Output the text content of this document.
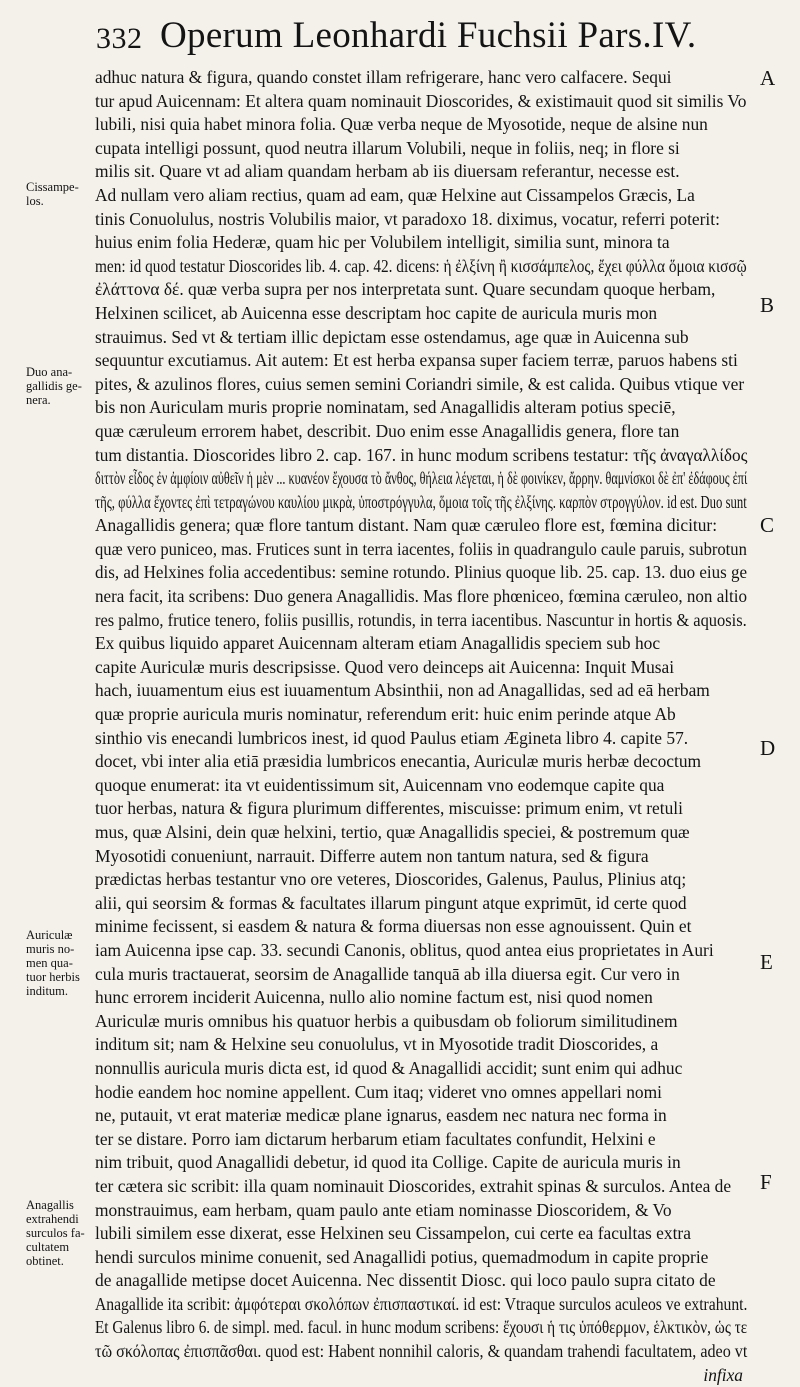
332 Operum Leonhardi Fuchsii Pars.IV.
adhuc natura & figura, quando constet illam refrigerare, hanc vero calfacere. Sequi
tur apud Auicennam: Et altera quam nominauit Dioscorides, & existimauit quod sit similis Vo
lubili, nisi quia habet minora folia. Quæ verba neque de Myosotide, neque de alsine nun
cupata intelligi possunt, quod neutra illarum Volubili, neque in foliis, neq; in flore si
milis sit. Quare vt ad aliam quandam herbam ab iis diuersam referantur, necesse est.
Ad nullam vero aliam rectius, quam ad eam, quæ Helxine aut Cissampelos Græcis, La
tinis Conuolulus, nostris Volubilis maior, vt paradoxo 18. diximus, vocatur, referri poterit:
huius enim folia Hederæ, quam hic per Volubilem intelligit, similia sunt, minora ta
men: id quod testatur Dioscorides lib. 4. cap. 42. dicens: ἡ ἐλξίνη ἢ κισσάμπελος, ἔχει φύλλα ὅμοια κισσῷ
ἐλάττονα δέ. quæ verba supra per nos interpretata sunt. Quare secundam quoque herbam,
Helxinen scilicet, ab Auicenna esse descriptam hoc capite de auricula muris mon
strauimus. Sed vt & tertiam illic depictam esse ostendamus, age quæ in Auicenna sub
sequuntur excutiamus. Ait autem: Et est herba expansa super faciem terræ, paruos habens sti
pites, & azulinos flores, cuius semen semini Coriandri simile, & est calida. Quibus vtique ver
bis non Auriculam muris proprie nominatam, sed Anagallidis alteram potius speciē,
quæ cæruleum errorem habet, describit. Duo enim esse Anagallidis genera, flore tan
tum distantia. Dioscorides libro 2. cap. 167. in hunc modum scribens testatur: τῆς ἀναγαλλίδος
διττὸν εἶδος ἐν ἀμφίοιν αὐθεῖν ἡ μὲν ... κυανέον ἔχουσα τὸ ἄνθος, θήλεια λέγεται, ἡ δὲ φοινίκεν, ἄρρην. θαμνίσκοι δὲ ἐπ' ἐδάφους ἐπί
τῆς, φύλλα ἔχοντες ἐπὶ τετραγώνου καυλίου μικρὰ, ὑποστρόγγυλα, ὅμοια τοῖς τῆς ἐλξίνης. καρπὸν στρογγύλον. id est. Duo sunt
Anagallidis genera; quæ flore tantum distant. Nam quæ cæruleo flore est, fœmina dicitur:
quæ vero puniceo, mas. Frutices sunt in terra iacentes, foliis in quadrangulo caule paruis, subrotun
dis, ad Helxines folia accedentibus: semine rotundo. Plinius quoque lib. 25. cap. 13. duo eius ge
nera facit, ita scribens: Duo genera Anagallidis. Mas flore phœniceo, fœmina cæruleo, non altio
res palmo, frutice tenero, foliis pusillis, rotundis, in terra iacentibus. Nascuntur in hortis & aquosis.
Ex quibus liquido apparet Auicennam alteram etiam Anagallidis speciem sub hoc
capite Auriculæ muris descripsisse. Quod vero deinceps ait Auicenna: Inquit Musai
hach, iuuamentum eius est iuuamentum Absinthii, non ad Anagallidas, sed ad eā herbam
quæ proprie auricula muris nominatur, referendum erit: huic enim perinde atque Ab
sinthio vis enecandi lumbricos inest, id quod Paulus etiam Ægineta libro 4. capite 57.
docet, vbi inter alia etiā præsidia lumbricos enecantia, Auriculæ muris herbæ decoctum
quoque enumerat: ita vt euidentissimum sit, Auicennam vno eodemque capite qua
tuor herbas, natura & figura plurimum differentes, miscuisse: primum enim, vt retuli
mus, quæ Alsini, dein quæ helxini, tertio, quæ Anagallidis speciei, & postremum quæ
Myosotidi conueniunt, narrauit. Differre autem non tantum natura, sed & figura
prædictas herbas testantur vno ore veteres, Dioscorides, Galenus, Paulus, Plinius atq;
alii, qui seorsim & formas & facultates illarum pingunt atque exprimūt, id certe quod
minime fecissent, si easdem & natura & forma diuersas non esse agnouissent. Quin et
iam Auicenna ipse cap. 33. secundi Canonis, oblitus, quod antea eius proprietates in Auri
cula muris tractauerat, seorsim de Anagallide tanquā ab illa diuersa egit. Cur vero in
hunc errorem inciderit Auicenna, nullo alio nomine factum est, nisi quod nomen
Auriculæ muris omnibus his quatuor herbis a quibusdam ob foliorum similitudinem
inditum sit; nam & Helxine seu conuolulus, vt in Myosotide tradit Dioscorides, a
nonnullis auricula muris dicta est, id quod & Anagallidi accidit; sunt enim qui adhuc
hodie eandem hoc nomine appellent. Cum itaq; videret vno omnes appellari nomi
ne, putauit, vt erat materiæ medicæ plane ignarus, easdem nec natura nec forma in
ter se distare. Porro iam dictarum herbarum etiam facultates confundit, Helxini e
nim tribuit, quod Anagallidi debetur, id quod ita Collige. Capite de auricula muris in
ter cætera sic scribit: illa quam nominauit Dioscorides, extrahit spinas & surculos. Antea de
monstrauimus, eam herbam, quam paulo ante etiam nominasse Dioscoridem, & Vo
lubili similem esse dixerat, esse Helxinen seu Cissampelon, cui certe ea facultas extra
hendi surculos minime conuenit, sed Anagallidi potius, quemadmodum in capite proprie
de anagallide metipse docet Auicenna. Nec dissentit Diosc. qui loco paulo supra citato de
Anagallide ita scribit: ἀμφότεραι σκολόπων ἐπισπαστικαί. id est: Vtraque surculos aculeos ve extrahunt.
Et Galenus libro 6. de simpl. med. facul. in hunc modum scribens: ἔχουσι ἡ τις ὑπόθερμον, ἑλκτικὸν, ὡς τε
τῶ σκόλοπας ἐπισπᾶσθαι. quod est: Habent nonnihil caloris, & quandam trahendi facultatem, adeo vt
infixa

Cissampe-
los.

Duo ana-
gallidis ge-
nera.

Auriculæ
muris no-
men qua-
tuor herbis
inditum.

Anagallis
extrahendi
surculos fa-
cultatem
obtinet.

A
B
C
D
E
F
